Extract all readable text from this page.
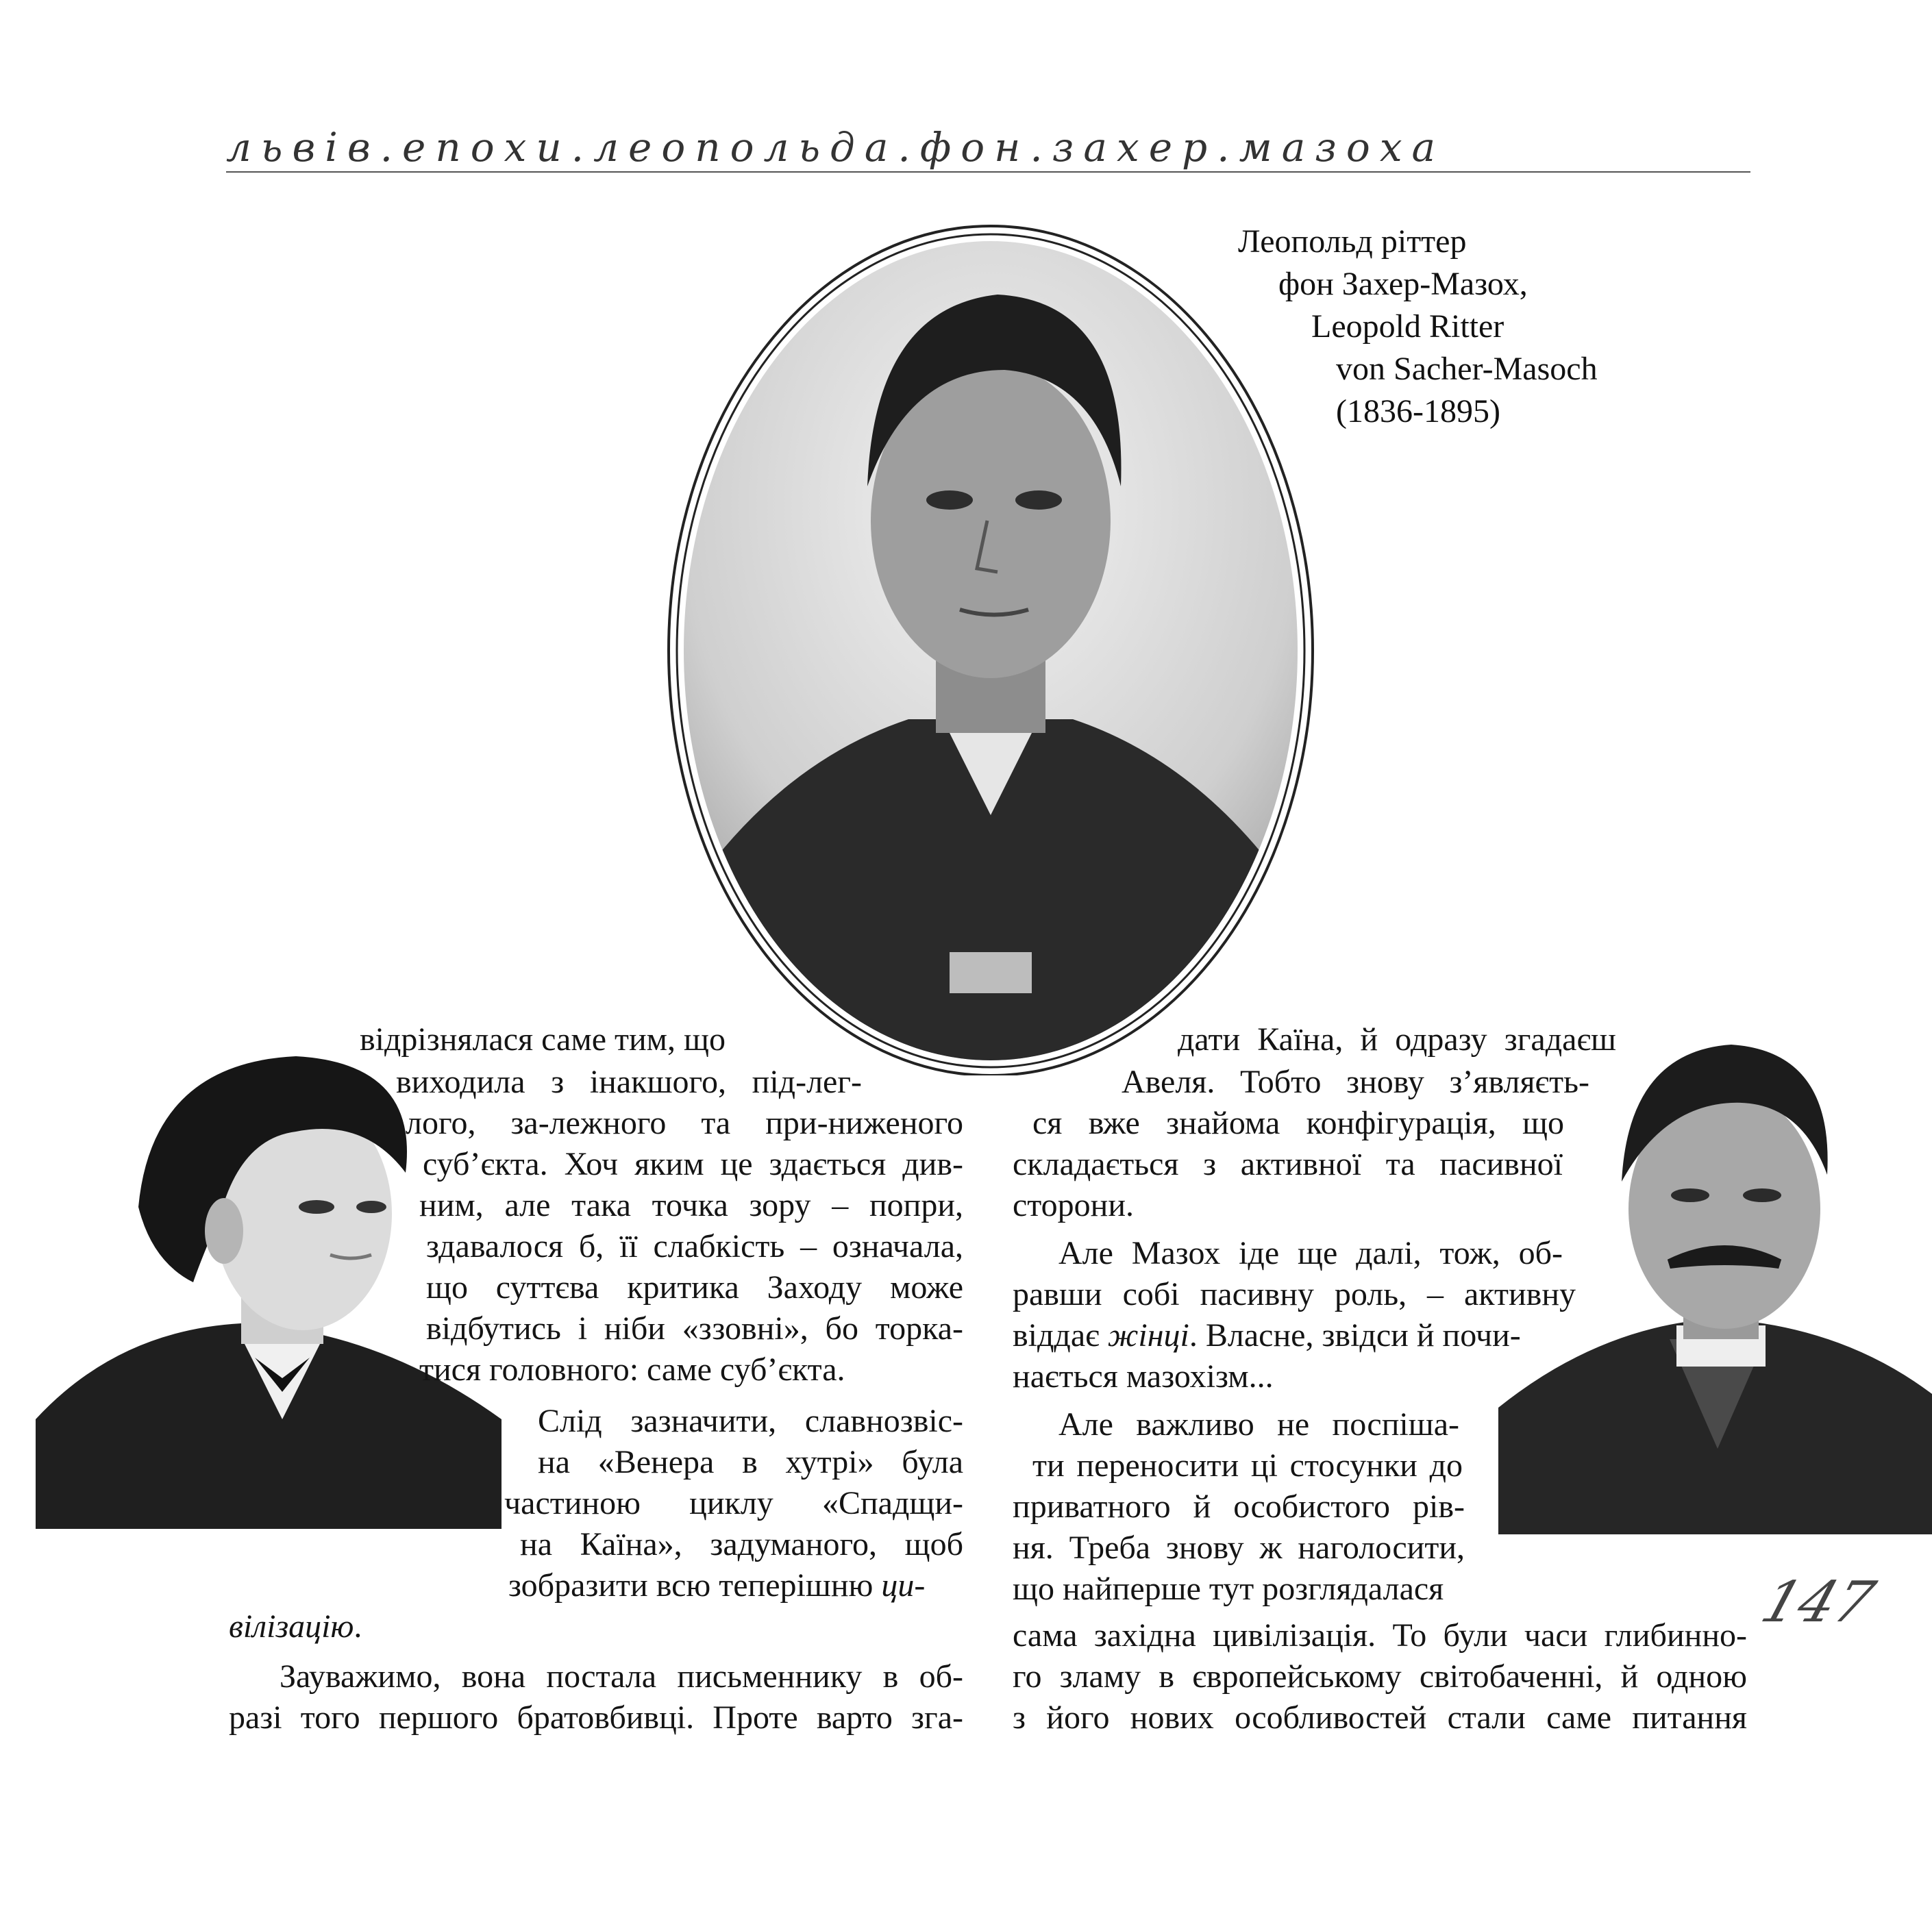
львів.епохи.леопольда.фон.захер.мазоха
Леопольд ріттер
фон Захер-Мазох,
Leopold Ritter
von Sacher-Masoch
(1836-1895)
відрізнялася саме тим, що
виходила з інакшого, під-лег-
лого, за-лежного та при-ниженого
суб’єкта. Хоч яким це здається див-
ним, але така точка зору – попри,
здавалося б, її слабкість – означала,
що суттєва критика Заходу може
відбутись і ніби «ззовні», бо торка-
тися головного: саме суб’єкта.
Слід зазначити, славнозвіс-
на «Венера в хутрі» була
частиною циклу «Спадщи-
на Каїна», задуманого, щоб
зобразити всю теперішню ци-
вілізацію.
Зауважимо, вона постала письменнику в об-
разі того першого братовбивці. Проте варто зга-
дати Каїна, й одразу згадаєш
Авеля. Тобто знову з’являєть-
ся вже знайома конфігурація, що
складається з активної та пасивної
сторони.
Але Мазох іде ще далі, тож, об-
равши собі пасивну роль, – активну
віддає жінці. Власне, звідси й почи-
нається мазохізм...
Але важливо не поспіша-
ти переносити ці стосунки до
приватного й особистого рів-
ня. Треба знову ж наголосити,
що найперше тут розглядалася
сама західна цивілізація. То були часи глибинно-
го зламу в європейському світобаченні, й одною
з його нових особливостей стали саме питання
147
